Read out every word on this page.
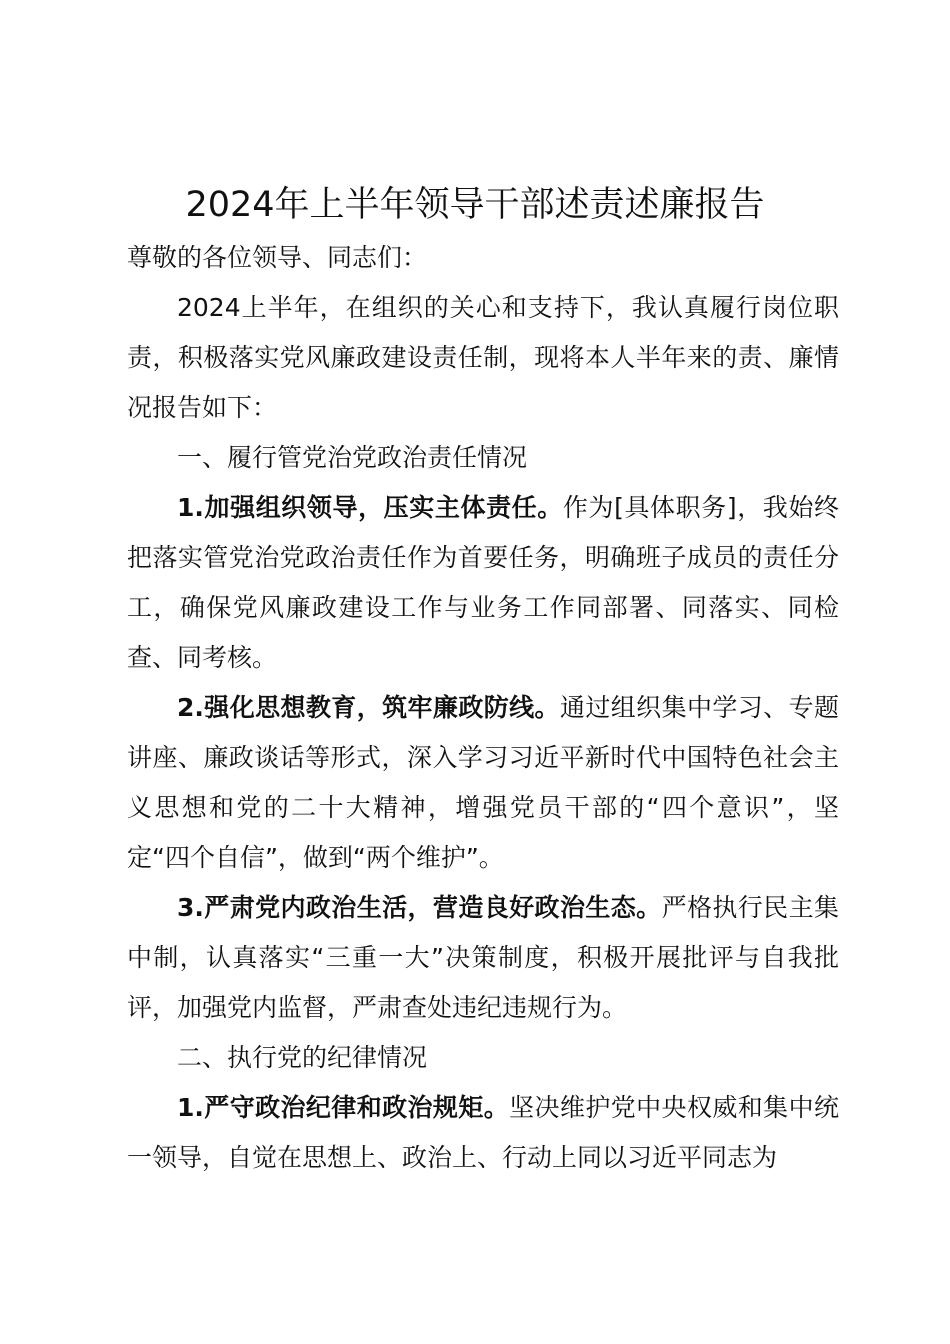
2024年上半年领导干部述责述廉报告

尊敬的各位领导、同志们：

2024上半年，在组织的关心和支持下，我认真履行岗位职责，积极落实党风廉政建设责任制，现将本人半年来的责、廉情况报告如下：

一、履行管党治党政治责任情况

1.加强组织领导，压实主体责任。作为[具体职务]，我始终把落实管党治党政治责任作为首要任务，明确班子成员的责任分工，确保党风廉政建设工作与业务工作同部署、同落实、同检查、同考核。

2.强化思想教育，筑牢廉政防线。通过组织集中学习、专题讲座、廉政谈话等形式，深入学习习近平新时代中国特色社会主义思想和党的二十大精神，增强党员干部的“四个意识”，坚定“四个自信”，做到“两个维护”。

3.严肃党内政治生活，营造良好政治生态。严格执行民主集中制，认真落实“三重一大”决策制度，积极开展批评与自我批评，加强党内监督，严肃查处违纪违规行为。

二、执行党的纪律情况

1.严守政治纪律和政治规矩。坚决维护党中央权威和集中统一领导，自觉在思想上、政治上、行动上同以习近平同志为
